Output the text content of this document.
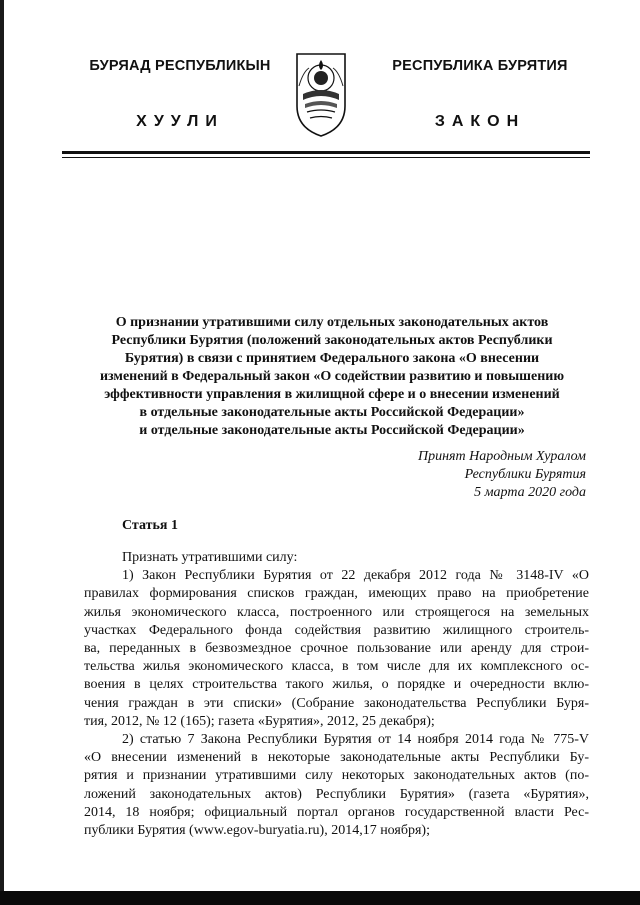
БУРЯАД РЕСПУБЛИКЫН
ХУУЛИ
РЕСПУБЛИКА БУРЯТИЯ
ЗАКОН
О признании утратившими силу отдельных законодательных актов
Республики Бурятия (положений законодательных актов Республики
Бурятия) в связи с принятием Федерального закона «О внесении
изменений в Федеральный закон «О содействии развитию и повышению
эффективности управления в жилищной сфере и о внесении изменений
в отдельные законодательные акты Российской Федерации»
и отдельные законодательные акты Российской Федерации»
Принят Народным Хуралом
Республики Бурятия
5 марта 2020 года
Статья 1
Признать утратившими силу:
1) Закон Республики Бурятия от 22 декабря 2012 года № 3148-IV «О
правилах формирования списков граждан, имеющих право на приобретение
жилья экономического класса, построенного или строящегося на земельных
участках Федерального фонда содействия развитию жилищного строитель-
ва, переданных в безвозмездное срочное пользование или аренду для строи-
тельства жилья экономического класса, в том числе для их комплексного ос-
воения в целях строительства такого жилья, о порядке и очередности вклю-
чения граждан в эти списки» (Собрание законодательства Республики Буря-
тия, 2012, № 12 (165); газета «Бурятия», 2012, 25 декабря);
2) статью 7 Закона Республики Бурятия от 14 ноября 2014 года № 775-V
«О внесении изменений в некоторые законодательные акты Республики Бу-
рятия и признании утратившими силу некоторых законодательных актов (по-
ложений законодательных актов) Республики Бурятия» (газета «Бурятия»,
2014, 18 ноября; официальный портал органов государственной власти Рес-
публики Бурятия (www.egov-buryatia.ru), 2014,17 ноября);
